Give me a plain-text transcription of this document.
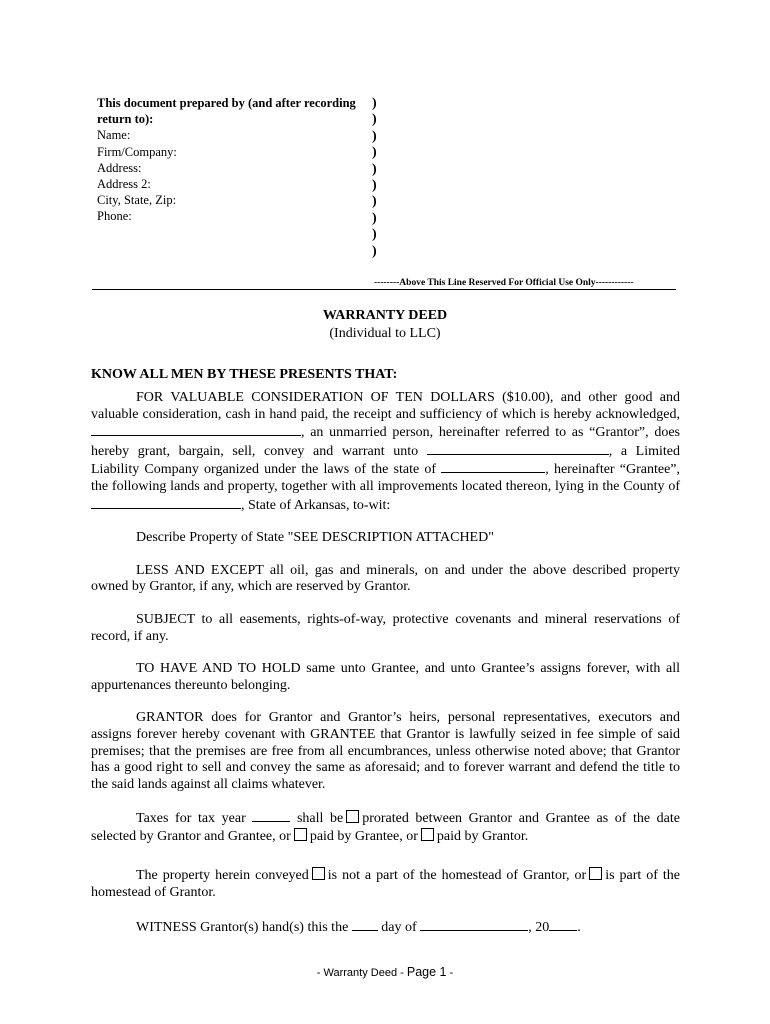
This document prepared by (and after recording
return to):
Name:
Firm/Company:
Address:
Address 2:
City, State, Zip:
Phone:
)
)
)
)
)
)
)
)
)
)
--------Above This Line Reserved For Official Use Only------------
WARRANTY DEED
(Individual to LLC)
KNOW ALL MEN BY THESE PRESENTS THAT:
FOR VALUABLE CONSIDERATION OF TEN DOLLARS ($10.00), and other good and valuable consideration, cash in hand paid, the receipt and sufficiency of which is hereby acknowledged, , an unmarried person, hereinafter referred to as “Grantor”, does hereby grant, bargain, sell, convey and warrant unto	, a Limited Liability Company organized under the laws of the state of	, hereinafter “Grantee”, the following lands and property, together with all improvements located thereon, lying in the County of , State of Arkansas, to-wit:
Describe Property of State "SEE DESCRIPTION ATTACHED"
LESS AND EXCEPT all oil, gas and minerals, on and under the above described property owned by Grantor, if any, which are reserved by Grantor.
SUBJECT to all easements, rights-of-way, protective covenants and mineral reservations of record, if any.
TO HAVE AND TO HOLD same unto Grantee, and unto Grantee’s assigns forever, with all appurtenances thereunto belonging.
GRANTOR does for Grantor and Grantor’s heirs, personal representatives, executors and assigns forever hereby covenant with GRANTEE that Grantor is lawfully seized in fee simple of said premises; that the premises are free from all encumbrances, unless otherwise noted above; that Grantor has a good right to sell and convey the same as aforesaid; and to forever warrant and defend the title to the said lands against all claims whatever.
Taxes for tax year	shall be prorated between Grantor and Grantee as of the date selected by Grantor and Grantee, or paid by Grantee, or paid by Grantor.
The property herein conveyed is not a part of the homestead of Grantor, or is part of the homestead of Grantor.
WITNESS Grantor(s) hand(s) this the day of	, 20 .
- Warranty Deed - Page 1 -
